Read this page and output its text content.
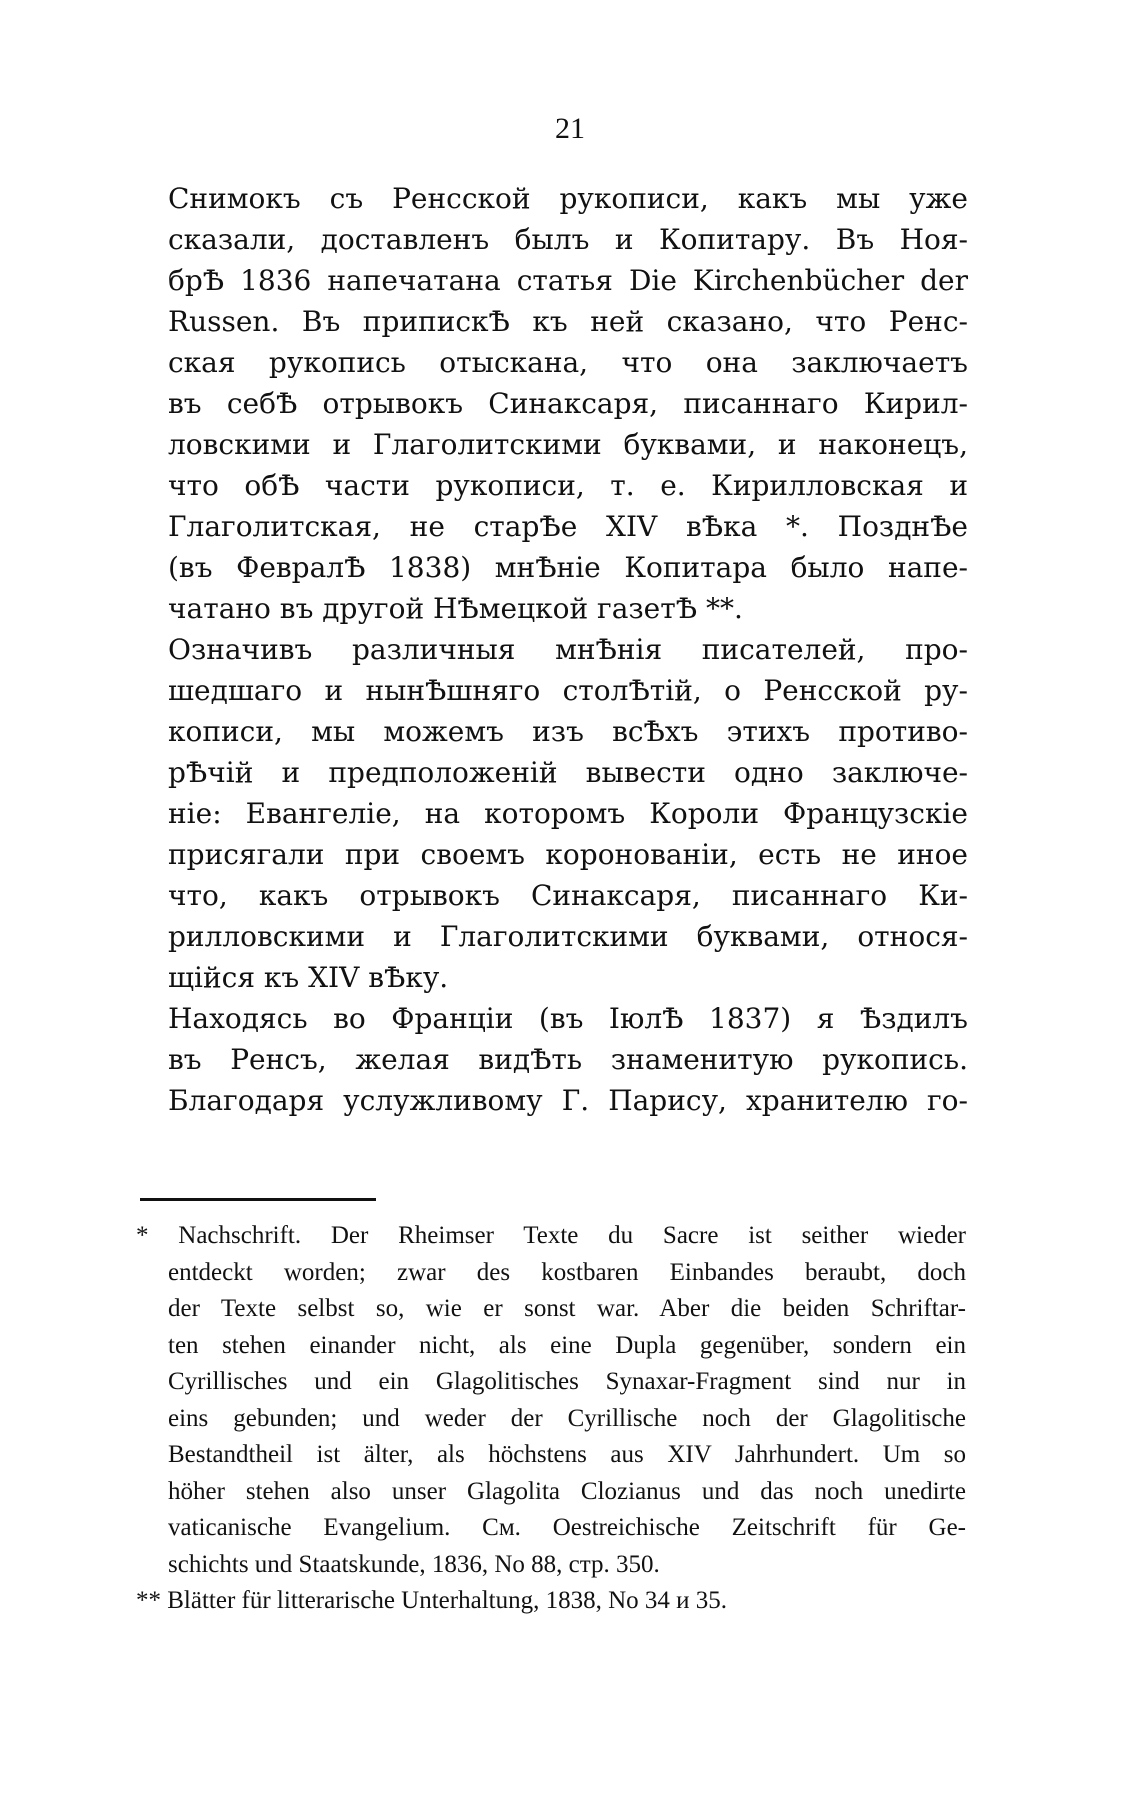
21
Снимокъ съ Ренсской рукописи, какъ мы уже
сказали, доставленъ былъ и Копитару. Въ Ноя-
брѢ 1836 напечатана статья Die Kirchenbücher der
Russen. Въ припискѢ къ ней сказано, что Ренс-
ская рукопись отыскана, что она заключаетъ
въ себѢ отрывокъ Синаксаря, писаннаго Кирил-
ловскими и Глаголитскими буквами, и наконецъ,
что обѢ части рукописи, т. е. Кирилловская и
Глаголитская, не старѢе XIV вѢка *. ПозднѢе
(въ ФевралѢ 1838) мнѢніе Копитара было напе-
чатано въ другой НѢмецкой газетѢ **.
Означивъ различныя мнѢнія писателей, про-
шедшаго и нынѢшняго столѢтій, о Ренсской ру-
кописи, мы можемъ изъ всѢхъ этихъ противо-
рѢчій и предположеній вывести одно заключе-
ніе: Евангеліе, на которомъ Короли Французскіе
присягали при своемъ коронованіи, есть не иное
что, какъ отрывокъ Синаксаря, писаннаго Ки-
рилловскими и Глаголитскими буквами, относя-
щійся къ XIV вѢку.
Находясь во Франціи (въ ІюлѢ 1837) я Ѣздилъ
въ Ренсъ, желая видѢть знаменитую рукопись.
Благодаря услужливому Г. Парису, хранителю го-
* Nachschrift. Der Rheimser Texte du Sacre ist seither wieder
entdeckt worden; zwar des kostbaren Einbandes beraubt, doch
der Texte selbst so, wie er sonst war. Aber die beiden Schriftar-
ten stehen einander nicht, als eine Dupla gegenüber, sondern ein
Cyrillisches und ein Glagolitisches Synaxar-Fragment sind nur in
eins gebunden; und weder der Cyrillische noch der Glagolitische
Bestandtheil ist älter, als höchstens aus XIV Jahrhundert. Um so
höher stehen also unser Glagolita Clozianus und das noch unedirte
vaticanische Evangelium. См. Oestreichische Zeitschrift für Ge-
schichts und Staatskunde, 1836, No 88, стр. 350.
** Blätter für litterarische Unterhaltung, 1838, No 34 и 35.
